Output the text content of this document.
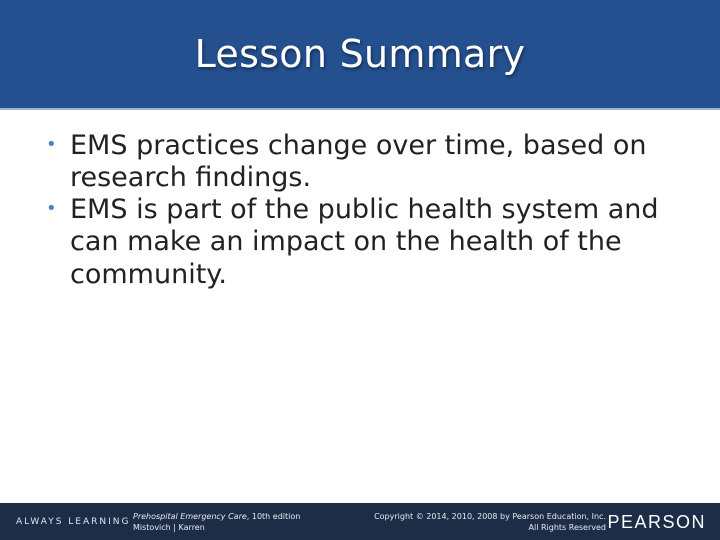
Lesson Summary
• EMS practices change over time, based on research findings.
• EMS is part of the public health system and can make an impact on the health of the community.
ALWAYS LEARNING
Prehospital Emergency Care, 10th edition
Mistovich | Karren
Copyright © 2014, 2010, 2008 by Pearson Education, Inc.
All Rights Reserved PEARSON
